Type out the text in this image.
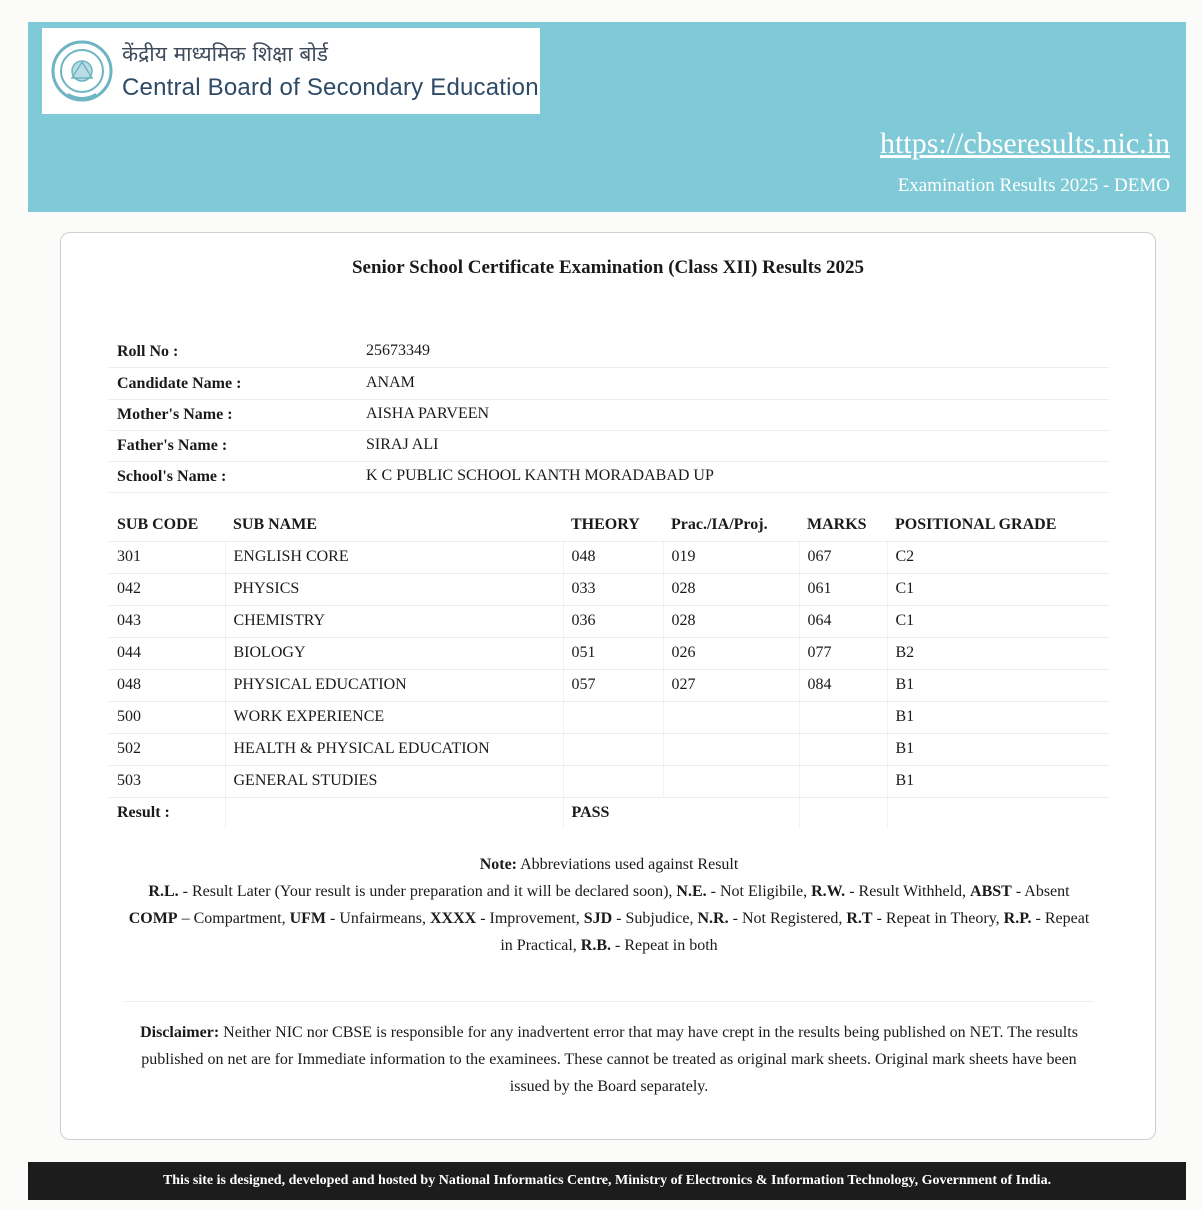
केंद्रीय माध्यमिक शिक्षा बोर्ड
Central Board of Secondary Education
https://cbseresults.nic.in
Examination Results 2025 - DEMO
Senior School Certificate Examination (Class XII) Results 2025
Roll No :	25673349
Candidate Name :	ANAM
Mother's Name :	AISHA PARVEEN
Father's Name :	SIRAJ ALI
School's Name :	K C PUBLIC SCHOOL KANTH MORADABAD UP
SUB CODE	SUB NAME	THEORY	Prac./IA/Proj.	MARKS	POSITIONAL GRADE
301	ENGLISH CORE	048	019	067	C2
042	PHYSICS	033	028	061	C1
043	CHEMISTRY	036	028	064	C1
044	BIOLOGY	051	026	077	B2
048	PHYSICAL EDUCATION	057	027	084	B1
500	WORK EXPERIENCE				B1
502	HEALTH & PHYSICAL EDUCATION				B1
503	GENERAL STUDIES				B1
Result :		PASS			
Note: Abbreviations used against Result
R.L. - Result Later (Your result is under preparation and it will be declared soon), N.E. - Not Eligibile, R.W. - Result Withheld, ABST - Absent
COMP – Compartment, UFM - Unfairmeans, XXXX - Improvement, SJD - Subjudice, N.R. - Not Registered, R.T - Repeat in Theory, R.P. - Repeat in Practical, R.B. - Repeat in both
Disclaimer: Neither NIC nor CBSE is responsible for any inadvertent error that may have crept in the results being published on NET. The results published on net are for Immediate information to the examinees. These cannot be treated as original mark sheets. Original mark sheets have been issued by the Board separately.
This site is designed, developed and hosted by National Informatics Centre, Ministry of Electronics & Information Technology, Government of India.
